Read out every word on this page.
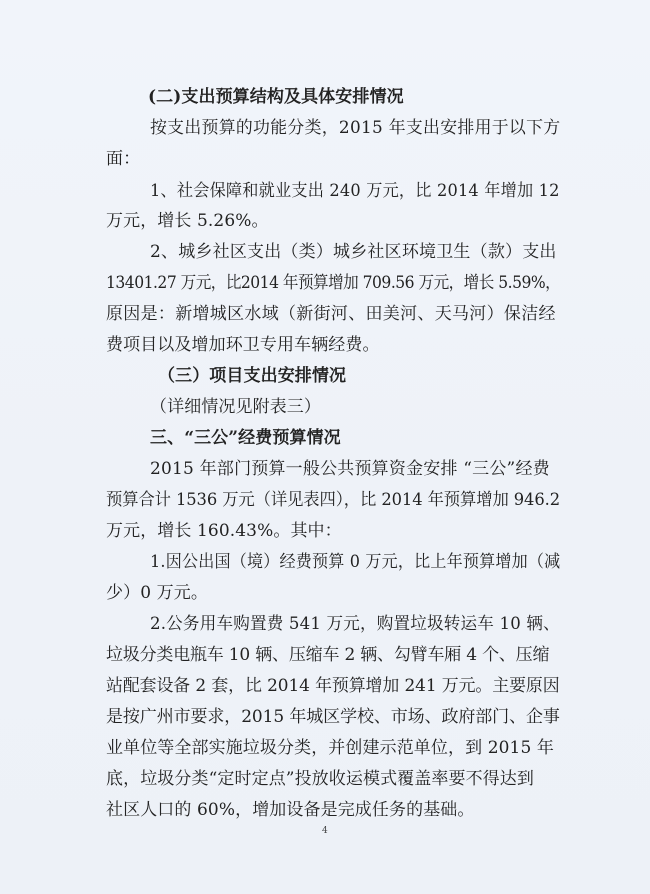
(二)支出预算结构及具体安排情况
按支出预算的功能分类，2015 年支出安排用于以下方
面：
1、社会保障和就业支出 240 万元，比 2014 年增加 12
万元，增长 5.26%。
2、城乡社区支出（类）城乡社区环境卫生（款）支出
13401.27 万元，比2014 年预算增加 709.56 万元，增长 5.59%，
原因是：新增城区水域（新街河、田美河、天马河）保洁经
费项目以及增加环卫专用车辆经费。
（三）项目支出安排情况
（详细情况见附表三）
三、“三公”经费预算情况
2015 年部门预算一般公共预算资金安排 “三公”经费
预算合计 1536 万元（详见表四），比 2014 年预算增加 946.2
万元，增长 160.43%。其中：
1.因公出国（境）经费预算 0 万元，比上年预算增加（减
少）0 万元。
2.公务用车购置费 541 万元，购置垃圾转运车 10 辆、
垃圾分类电瓶车 10 辆、压缩车 2 辆、勾臂车厢 4 个、压缩
站配套设备 2 套，比 2014 年预算增加 241 万元。主要原因
是按广州市要求，2015 年城区学校、市场、政府部门、企事
业单位等全部实施垃圾分类，并创建示范单位，到 2015 年
底，垃圾分类“定时定点”投放收运模式覆盖率要不得达到
社区人口的 60%，增加设备是完成任务的基础。
4
